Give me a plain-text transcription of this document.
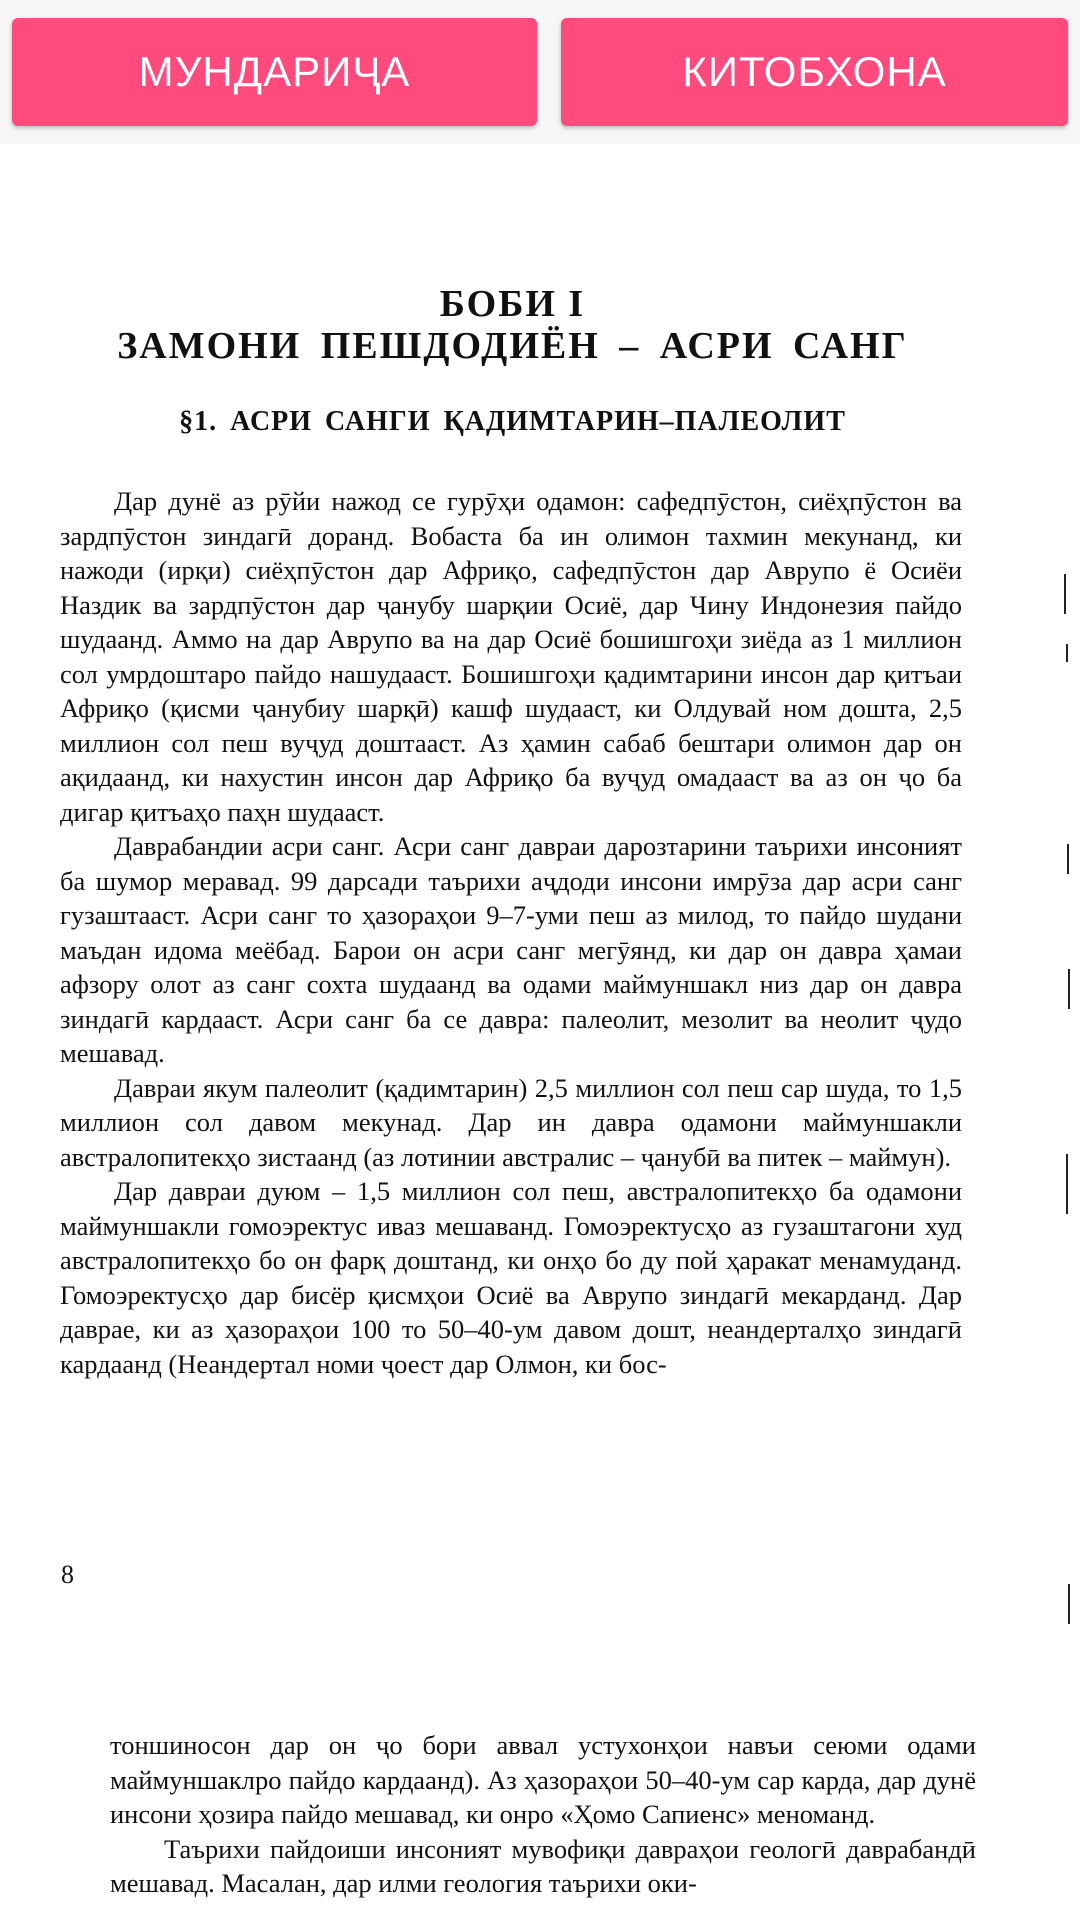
МУНДАРИҶА	КИТОБХОНА
БОБИ I
ЗАМОНИ ПЕШДОДИЁН – АСРИ САНГ
§1. АСРИ САНГИ ҚАДИМТАРИН–ПАЛЕОЛИТ

Дар дунё аз рӯйи нажод се гурӯҳи одамон: сафедпӯстон, сиёҳпӯстон ва зардпӯстон зиндагӣ доранд. Вобаста ба ин олимон тахмин мекунанд, ки нажоди (ирқи) сиёҳпӯстон дар Африқо, сафедпӯстон дар Аврупо ё Осиёи Наздик ва зардпӯстон дар ҷанубу шарқии Осиё, дар Чину Индонезия пайдо шудаанд. Аммо на дар Аврупо ва на дар Осиё бошишгоҳи зиёда аз 1 миллион сол умрдоштаро пайдо нашудааст. Бошишгоҳи қадимтарини инсон дар қитъаи Африқо (қисми ҷанубиу шарқӣ) кашф шудааст, ки Олдувай ном дошта, 2,5 миллион сол пеш вуҷуд доштааст. Аз ҳамин сабаб бештари олимон дар он ақидаанд, ки нахустин инсон дар Африқо ба вуҷуд омадааст ва аз он ҷо ба дигар қитъаҳо паҳн шудааст.

Даврабандии асри санг. Асри санг давраи дарозтарини таърихи инсоният ба шумор меравад. 99 дарсади таърихи аҷдоди инсони имрӯза дар асри санг гузаштааст. Асри санг то ҳазораҳои 9–7-уми пеш аз милод, то пайдо шудани маъдан идома меёбад. Барои он асри санг мегӯянд, ки дар он давра ҳамаи афзору олот аз санг сохта шудаанд ва одами маймуншакл низ дар он давра зиндагӣ кардааст. Асри санг ба се давра: палеолит, мезолит ва неолит ҷудо мешавад.

Давраи якум палеолит (қадимтарин) 2,5 миллион сол пеш сар шуда, то 1,5 миллион сол давом мекунад. Дар ин давра одамони маймуншакли австралопитекҳо зистаанд (аз лотинии австралис – ҷанубӣ ва питек – маймун).

Дар давраи дуюм – 1,5 миллион сол пеш, австралопитекҳо ба одамони маймуншакли гомоэректус иваз мешаванд. Гомоэректусҳо аз гузаштагони худ австралопитекҳо бо он фарқ доштанд, ки онҳо бо ду пой ҳаракат менамуданд. Гомоэректусҳо дар бисёр қисмҳои Осиё ва Аврупо зиндагӣ мекарданд. Дар давраe, ки аз ҳазораҳои 100 то 50–40-ум давом дошт, неандерталҳо зиндагӣ кардаанд (Неандертал номи ҷоест дар Олмон, ки бос-

8

тоншиносон дар он ҷо бори аввал устухонҳои навъи сеюми одами маймуншаклро пайдо кардаанд). Аз ҳазораҳои 50–40-ум сар карда, дар дунё инсони ҳозира пайдо мешавад, ки онро «Ҳомо Сапиенс» меноманд.

Таърихи пайдоиши инсоният мувофиқи давраҳои геологӣ даврабандӣ мешавад. Масалан, дар илми геология таърихи оки-
